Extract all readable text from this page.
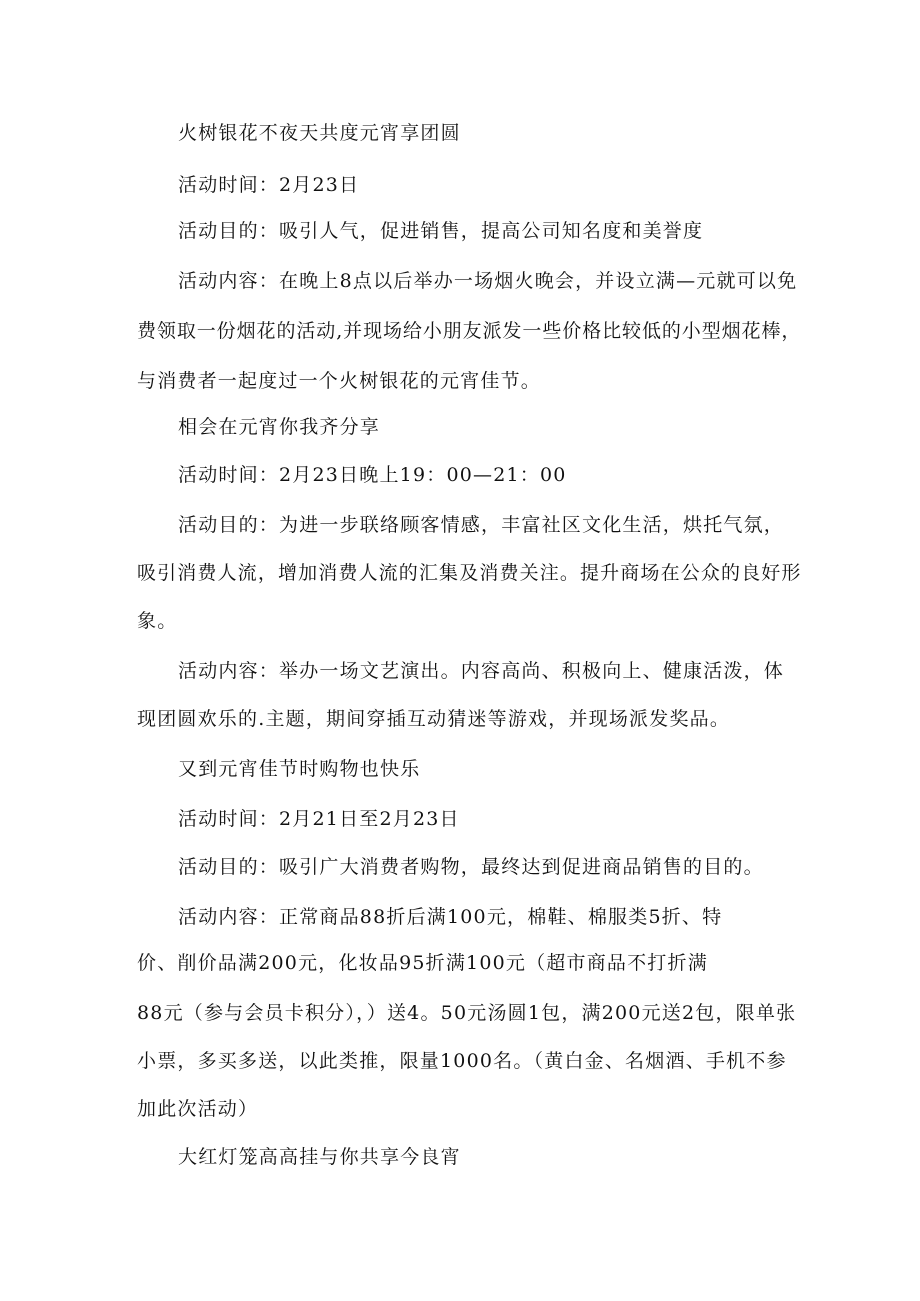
火树银花不夜天共度元宵享团圆

活动时间：2月23日

活动目的：吸引人气，促进销售，提高公司知名度和美誉度

活动内容：在晚上8点以后举办一场烟火晚会，并设立满—元就可以免

费领取一份烟花的活动,并现场给小朋友派发一些价格比较低的小型烟花棒，

与消费者一起度过一个火树银花的元宵佳节。

相会在元宵你我齐分享

活动时间：2月23日晚上19：00—21：00

活动目的：为进一步联络顾客情感，丰富社区文化生活，烘托气氛，

吸引消费人流，增加消费人流的汇集及消费关注。提升商场在公众的良好形

象。

活动内容：举办一场文艺演出。内容高尚、积极向上、健康活泼，体

现团圆欢乐的.主题，期间穿插互动猜迷等游戏，并现场派发奖品。

又到元宵佳节时购物也快乐

活动时间：2月21日至2月23日

活动目的：吸引广大消费者购物，最终达到促进商品销售的目的。

活动内容：正常商品88折后满100元，棉鞋、棉服类5折、特

价、削价品满200元，化妆品95折满100元（超市商品不打折满

88元（参与会员卡积分），）送4。50元汤圆1包，满200元送2包，限单张

小票，多买多送，以此类推，限量1000名。（黄白金、名烟酒、手机不参

加此次活动）

大红灯笼高高挂与你共享今良宵
